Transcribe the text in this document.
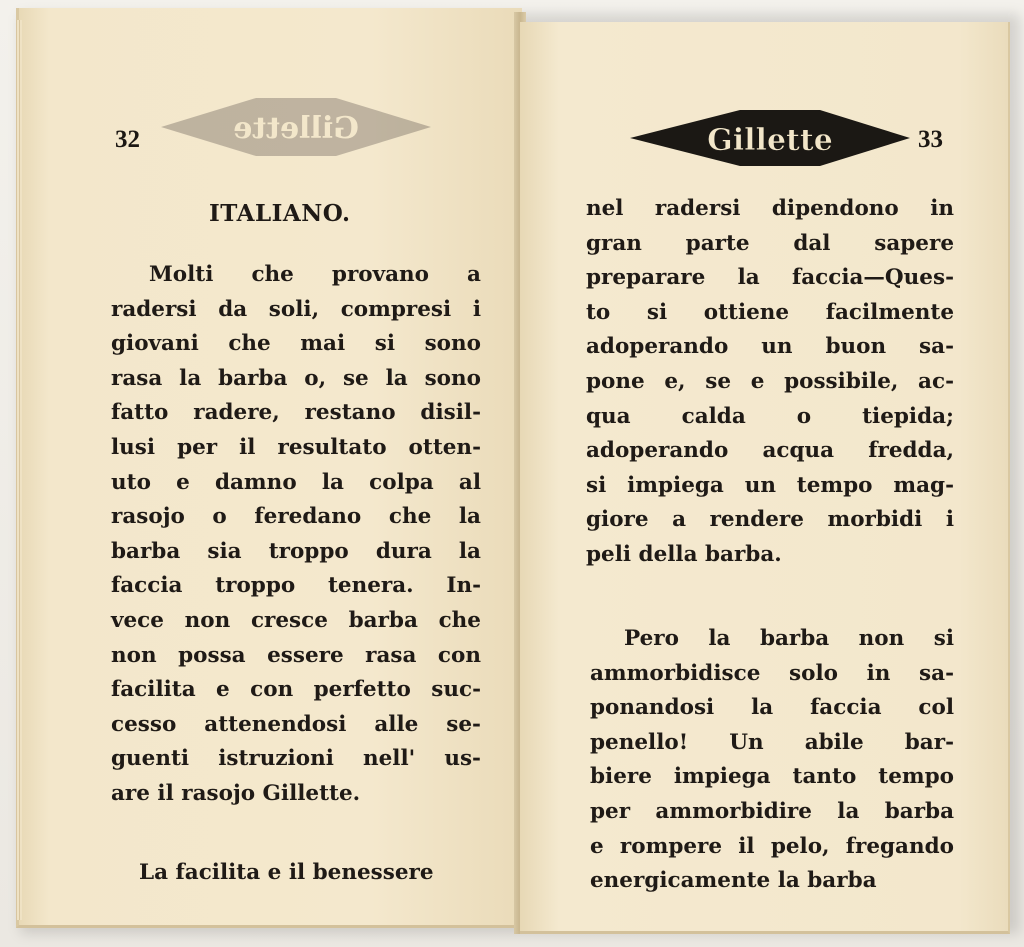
Gillette
32
ITALIANO.
Molti che provano a
radersi da soli, compresi i
giovani che mai si sono
rasa la barba o, se la sono
fatto radere, restano disil-
lusi per il resultato otten-
uto e damno la colpa al
rasojo o feredano che la
barba sia troppo dura la
faccia troppo tenera. In-
vece non cresce barba che
non possa essere rasa con
facilita e con perfetto suc-
cesso attenendosi alle se-
guenti istruzioni nell' us-
are il rasojo Gillette.
La facilita e il benessere
Gillette	33
nel radersi dipendono in
gran parte dal sapere
preparare la faccia—Ques-
to si ottiene facilmente
adoperando un buon sa-
pone e, se e possibile, ac-
qua calda o tiepida;
adoperando acqua fredda,
si impiega un tempo mag-
giore a rendere morbidi i
peli della barba.
Pero la barba non si
ammorbidisce solo in sa-
ponandosi la faccia col
penello! Un abile bar-
biere impiega tanto tempo
per ammorbidire la barba
e rompere il pelo, fregando
energicamente la barba
